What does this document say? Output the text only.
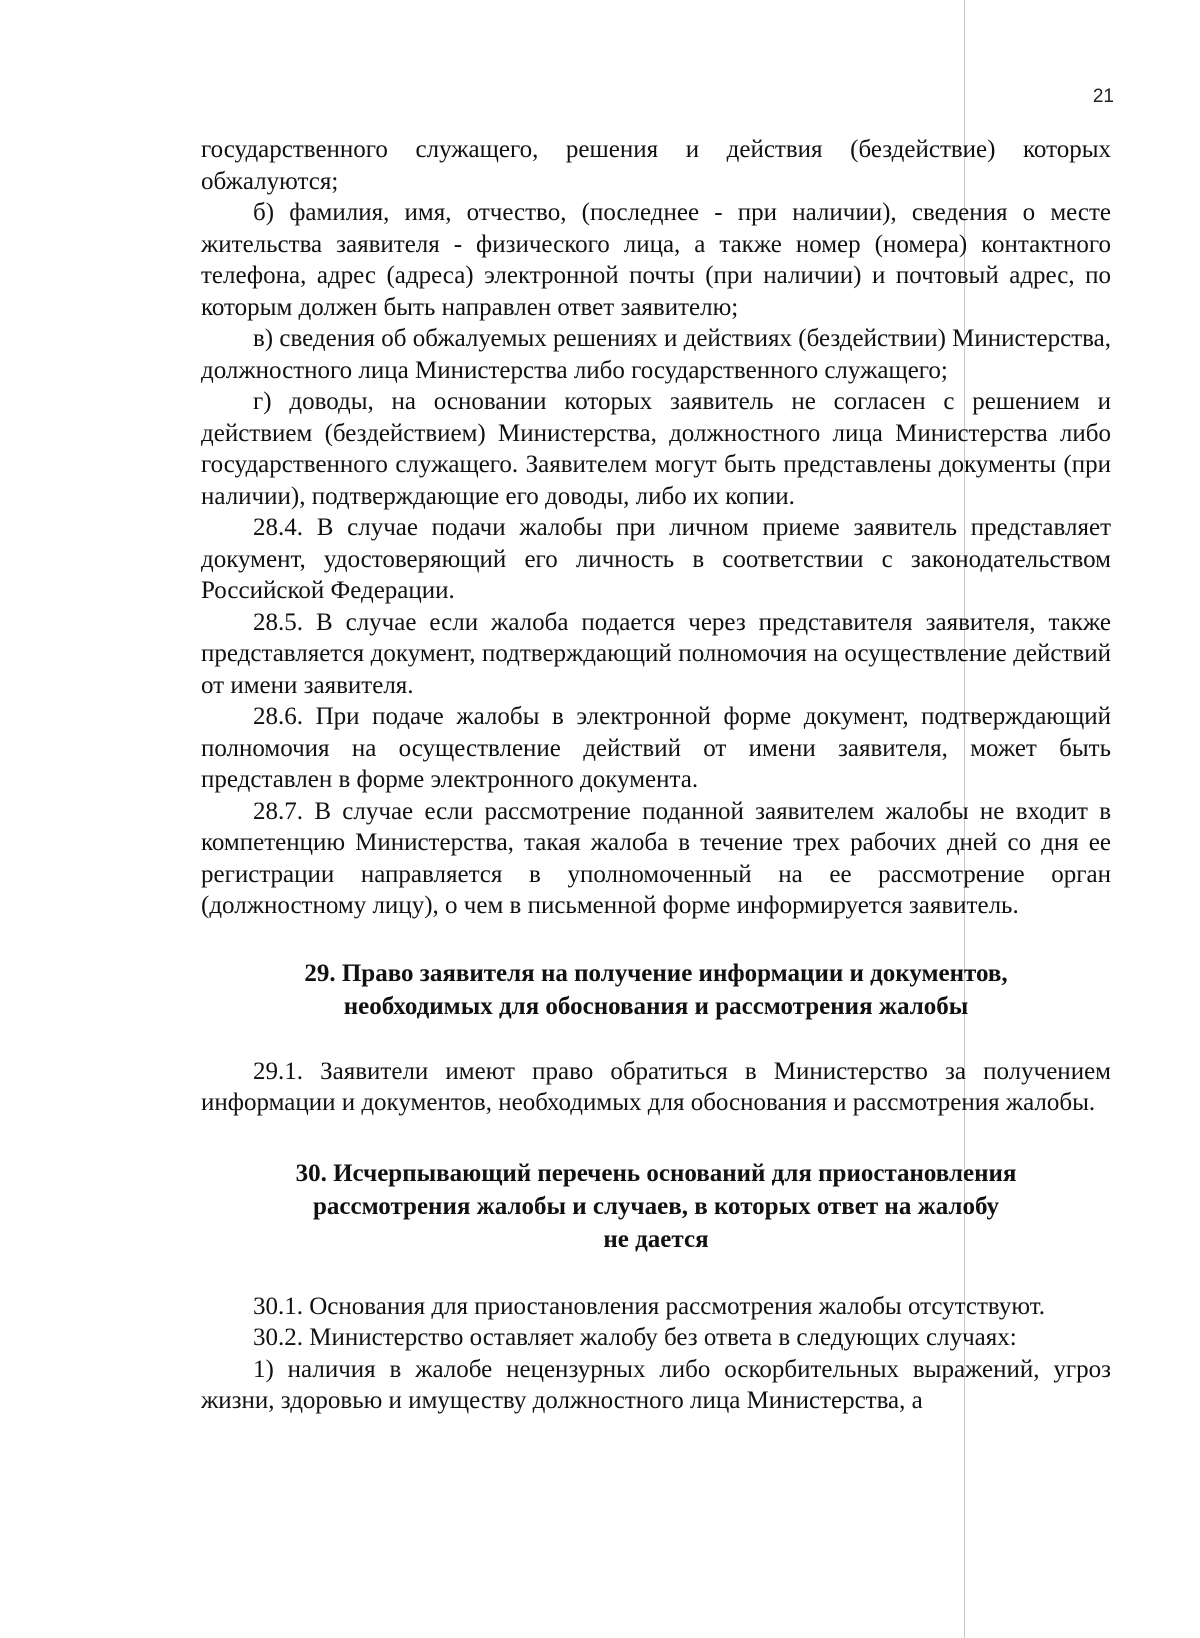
21

государственного служащего, решения и действия (бездействие) которых обжалуются;

б) фамилия, имя, отчество, (последнее - при наличии), сведения о месте жительства заявителя - физического лица, а также номер (номера) контактного телефона, адрес (адреса) электронной почты (при наличии) и почтовый адрес, по которым должен быть направлен ответ заявителю;

в) сведения об обжалуемых решениях и действиях (бездействии) Министерства, должностного лица Министерства либо государственного служащего;

г) доводы, на основании которых заявитель не согласен с решением и действием (бездействием) Министерства, должностного лица Министерства либо государственного служащего. Заявителем могут быть представлены документы (при наличии), подтверждающие его доводы, либо их копии.

28.4. В случае подачи жалобы при личном приеме заявитель представляет документ, удостоверяющий его личность в соответствии с законодательством Российской Федерации.

28.5. В случае если жалоба подается через представителя заявителя, также представляется документ, подтверждающий полномочия на осуществление действий от имени заявителя.

28.6. При подаче жалобы в электронной форме документ, подтверждающий полномочия на осуществление действий от имени заявителя, может быть представлен в форме электронного документа.

28.7. В случае если рассмотрение поданной заявителем жалобы не входит в компетенцию Министерства, такая жалоба в течение трех рабочих дней со дня ее регистрации направляется в уполномоченный на ее рассмотрение орган (должностному лицу), о чем в письменной форме информируется заявитель.

29. Право заявителя на получение информации и документов,
необходимых для обоснования и рассмотрения жалобы

29.1. Заявители имеют право обратиться в Министерство за получением информации и документов, необходимых для обоснования и рассмотрения жалобы.

30. Исчерпывающий перечень оснований для приостановления
рассмотрения жалобы и случаев, в которых ответ на жалобу
не дается

30.1. Основания для приостановления рассмотрения жалобы отсутствуют.

30.2. Министерство оставляет жалобу без ответа в следующих случаях:

1) наличия в жалобе нецензурных либо оскорбительных выражений, угроз жизни, здоровью и имуществу должностного лица Министерства, а
